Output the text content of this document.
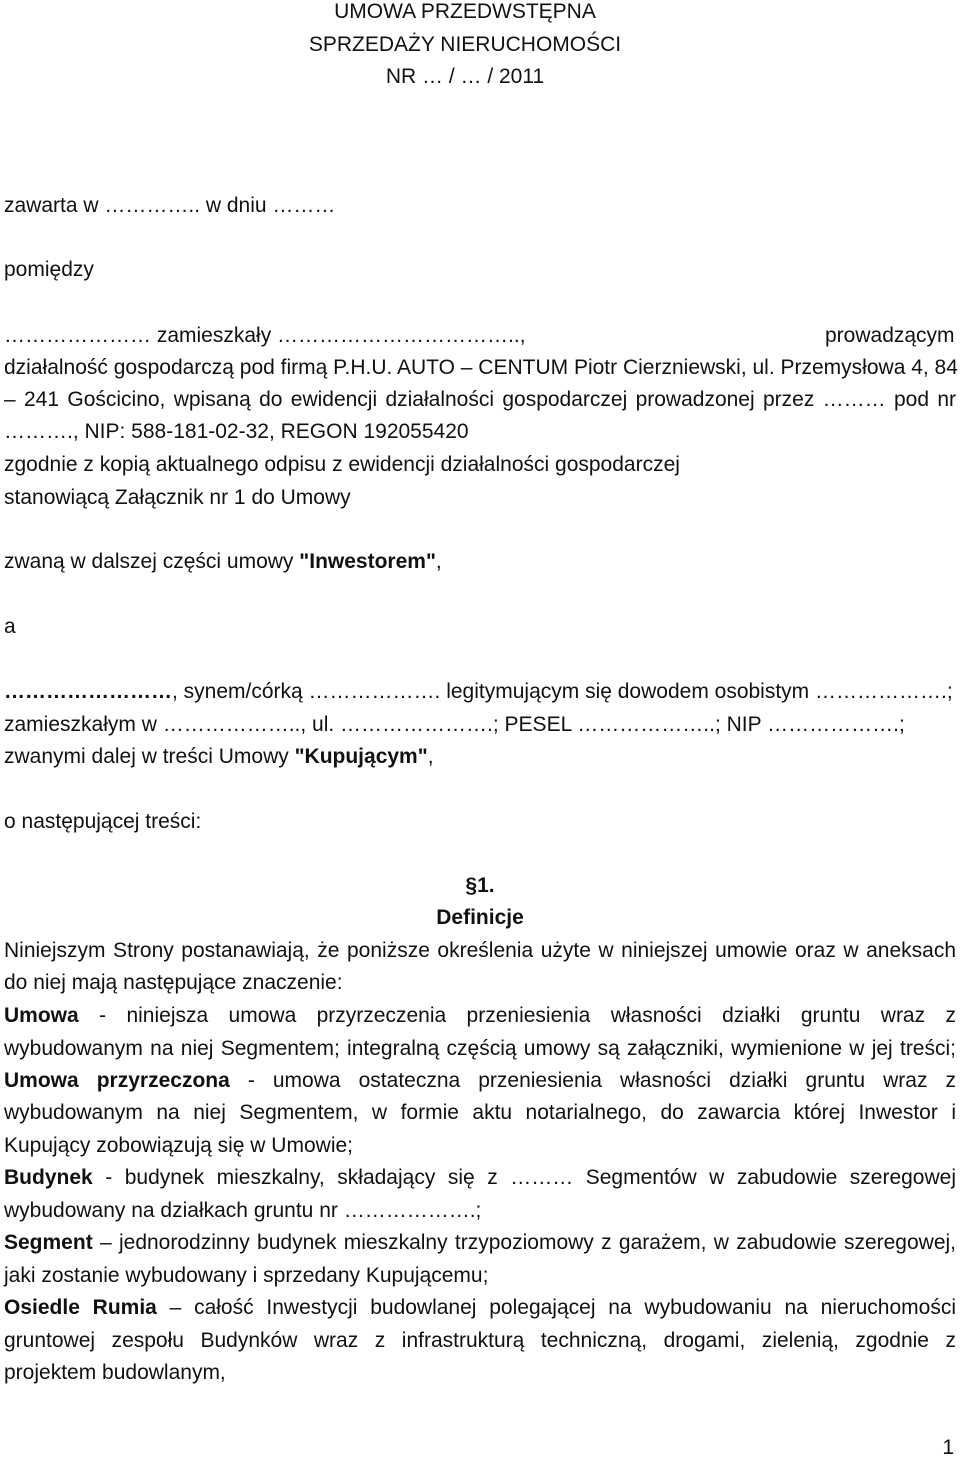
UMOWA PRZEDWSTĘPNA
SPRZEDAŻY NIERUCHOMOŚCI
NR … / … / 2011
zawarta w ………….. w dniu ………
pomiędzy
………………… zamieszkały ……………………………..,	prowadzącym
działalność gospodarczą pod firmą P.H.U. AUTO – CENTUM Piotr Cierzniewski, ul. Przemysłowa 4, 84
– 241 Gościcino, wpisaną do ewidencji działalności gospodarczej prowadzonej przez ……… pod nr
………., NIP: 588-181-02-32, REGON 192055420
zgodnie z kopią aktualnego odpisu z ewidencji działalności gospodarczej
stanowiącą Załącznik nr 1 do Umowy
zwaną w dalszej części umowy "Inwestorem",
a
……………………, synem/córką ………………. legitymującym się dowodem osobistym ……………….;
zamieszkałym w ……………….., ul. ………………….; PESEL ………………..; NIP ……………….;
zwanymi dalej w treści Umowy "Kupującym",
o następującej treści:
§1.
Definicje
Niniejszym Strony postanawiają, że poniższe określenia użyte w niniejszej umowie oraz w aneksach
do niej mają następujące znaczenie:
Umowa - niniejsza umowa przyrzeczenia przeniesienia własności działki gruntu wraz z
wybudowanym na niej Segmentem; integralną częścią umowy są załączniki, wymienione w jej treści;
Umowa przyrzeczona - umowa ostateczna przeniesienia własności działki gruntu wraz z
wybudowanym na niej Segmentem, w formie aktu notarialnego, do zawarcia której Inwestor i
Kupujący zobowiązują się w Umowie;
Budynek - budynek mieszkalny, składający się z ……… Segmentów w zabudowie szeregowej
wybudowany na działkach gruntu nr ……………….;
Segment – jednorodzinny budynek mieszkalny trzypoziomowy z garażem, w zabudowie szeregowej,
jaki zostanie wybudowany i sprzedany Kupującemu;
Osiedle Rumia – całość Inwestycji budowlanej polegającej na wybudowaniu na nieruchomości
gruntowej zespołu Budynków wraz z infrastrukturą techniczną, drogami, zielenią, zgodnie z
projektem budowlanym,
1
